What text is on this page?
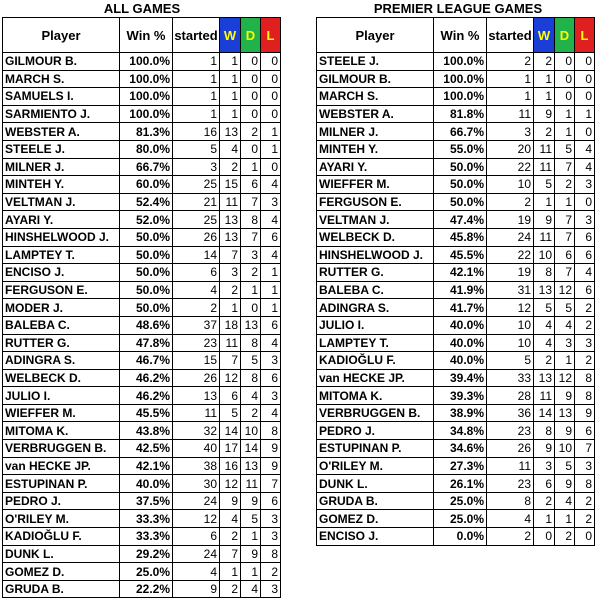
ALL GAMES
Player	Win %	started	W	D	L
GILMOUR B.	100.0%	1	1	0	0
MARCH S.	100.0%	1	1	0	0
SAMUELS I.	100.0%	1	1	0	0
SARMIENTO J.	100.0%	1	1	0	0
WEBSTER A.	81.3%	16	13	2	1
STEELE J.	80.0%	5	4	0	1
MILNER J.	66.7%	3	2	1	0
MINTEH Y.	60.0%	25	15	6	4
VELTMAN J.	52.4%	21	11	7	3
AYARI Y.	52.0%	25	13	8	4
HINSHELWOOD J.	50.0%	26	13	7	6
LAMPTEY T.	50.0%	14	7	3	4
ENCISO J.	50.0%	6	3	2	1
FERGUSON E.	50.0%	4	2	1	1
MODER J.	50.0%	2	1	0	1
BALEBA C.	48.6%	37	18	13	6
RUTTER G.	47.8%	23	11	8	4
ADINGRA S.	46.7%	15	7	5	3
WELBECK D.	46.2%	26	12	8	6
JULIO I.	46.2%	13	6	4	3
WIEFFER M.	45.5%	11	5	2	4
MITOMA K.	43.8%	32	14	10	8
VERBRUGGEN B.	42.5%	40	17	14	9
van HECKE JP.	42.1%	38	16	13	9
ESTUPINAN P.	40.0%	30	12	11	7
PEDRO J.	37.5%	24	9	9	6
O'RILEY M.	33.3%	12	4	5	3
KADIOĞLU F.	33.3%	6	2	1	3
DUNK L.	29.2%	24	7	9	8
GOMEZ D.	25.0%	4	1	1	2
GRUDA B.	22.2%	9	2	4	3
PREMIER LEAGUE GAMES
Player	Win %	started	W	D	L
STEELE J.	100.0%	2	2	0	0
GILMOUR B.	100.0%	1	1	0	0
MARCH S.	100.0%	1	1	0	0
WEBSTER A.	81.8%	11	9	1	1
MILNER J.	66.7%	3	2	1	0
MINTEH Y.	55.0%	20	11	5	4
AYARI Y.	50.0%	22	11	7	4
WIEFFER M.	50.0%	10	5	2	3
FERGUSON E.	50.0%	2	1	1	0
VELTMAN J.	47.4%	19	9	7	3
WELBECK D.	45.8%	24	11	7	6
HINSHELWOOD J.	45.5%	22	10	6	6
RUTTER G.	42.1%	19	8	7	4
BALEBA C.	41.9%	31	13	12	6
ADINGRA S.	41.7%	12	5	5	2
JULIO I.	40.0%	10	4	4	2
LAMPTEY T.	40.0%	10	4	3	3
KADIOĞLU F.	40.0%	5	2	1	2
van HECKE JP.	39.4%	33	13	12	8
MITOMA K.	39.3%	28	11	9	8
VERBRUGGEN B.	38.9%	36	14	13	9
PEDRO J.	34.8%	23	8	9	6
ESTUPINAN P.	34.6%	26	9	10	7
O'RILEY M.	27.3%	11	3	5	3
DUNK L.	26.1%	23	6	9	8
GRUDA B.	25.0%	8	2	4	2
GOMEZ D.	25.0%	4	1	1	2
ENCISO J.	0.0%	2	0	2	0
